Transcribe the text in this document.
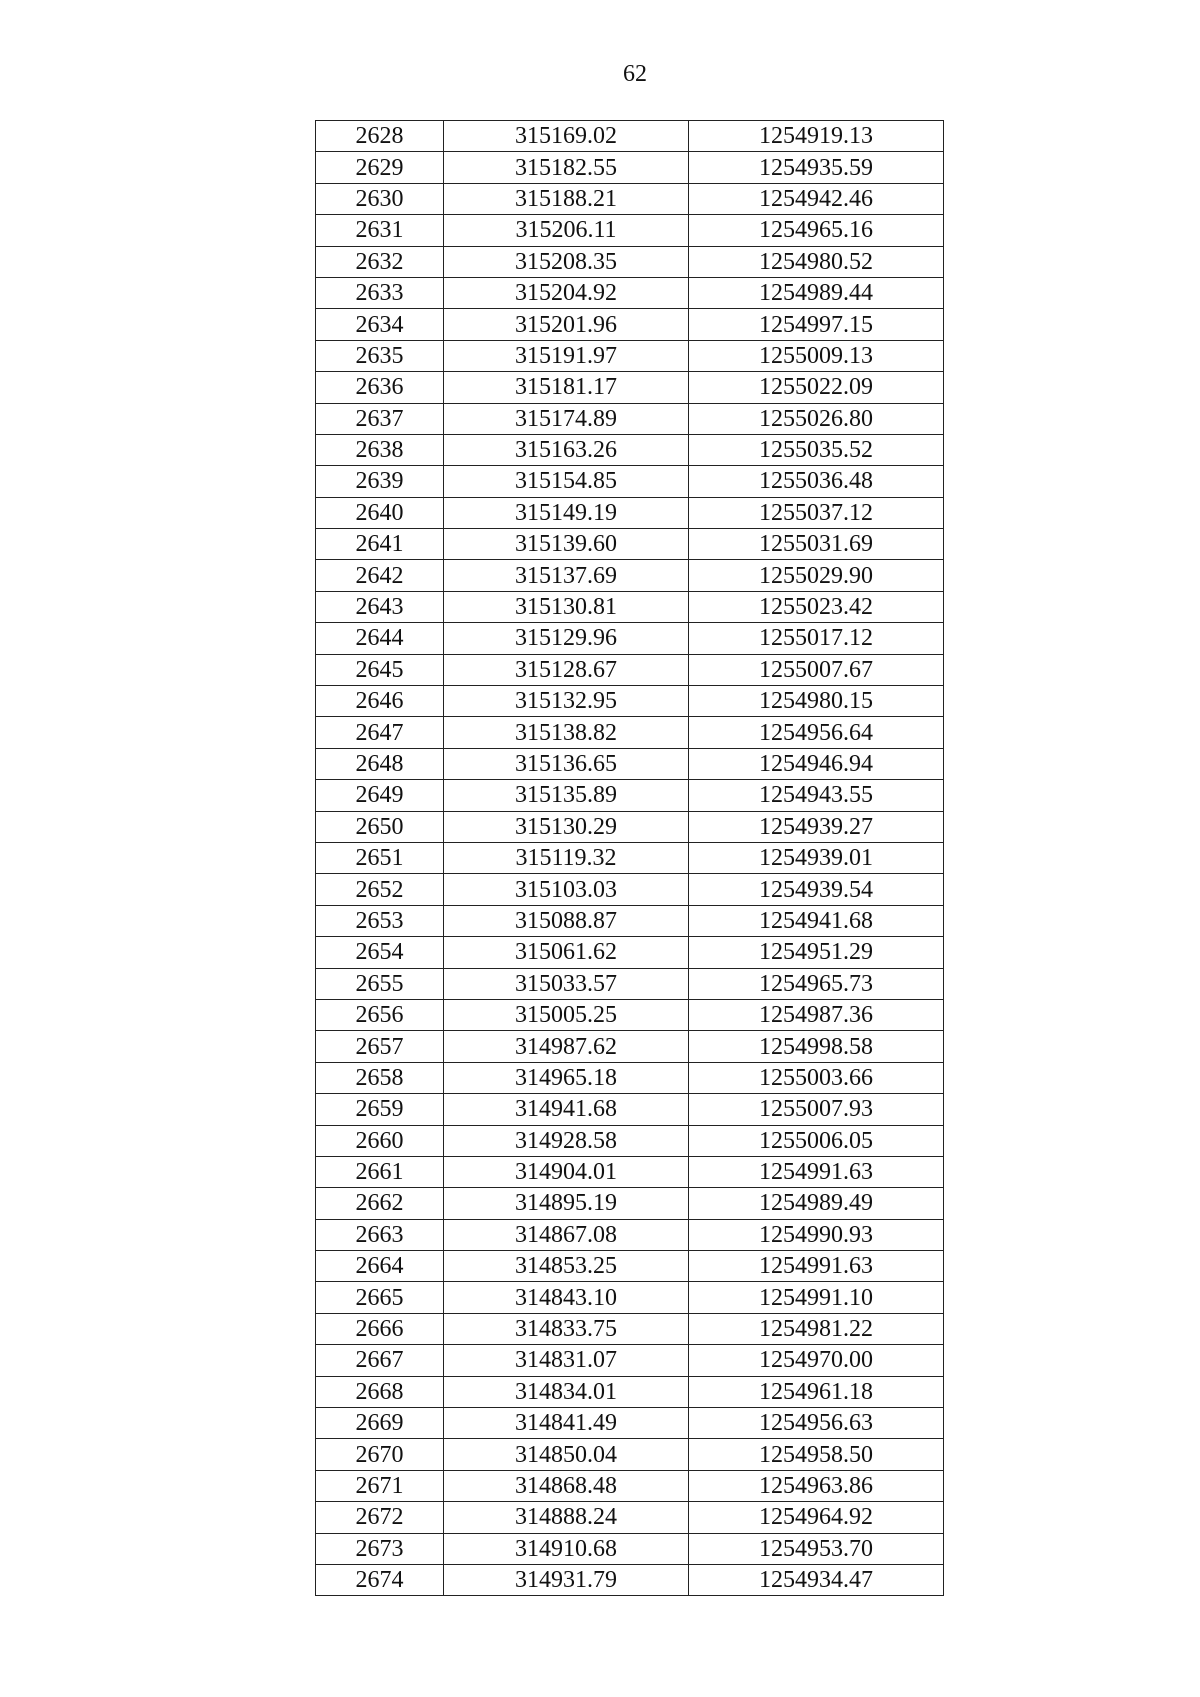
62
2628	315169.02	1254919.13
2629	315182.55	1254935.59
2630	315188.21	1254942.46
2631	315206.11	1254965.16
2632	315208.35	1254980.52
2633	315204.92	1254989.44
2634	315201.96	1254997.15
2635	315191.97	1255009.13
2636	315181.17	1255022.09
2637	315174.89	1255026.80
2638	315163.26	1255035.52
2639	315154.85	1255036.48
2640	315149.19	1255037.12
2641	315139.60	1255031.69
2642	315137.69	1255029.90
2643	315130.81	1255023.42
2644	315129.96	1255017.12
2645	315128.67	1255007.67
2646	315132.95	1254980.15
2647	315138.82	1254956.64
2648	315136.65	1254946.94
2649	315135.89	1254943.55
2650	315130.29	1254939.27
2651	315119.32	1254939.01
2652	315103.03	1254939.54
2653	315088.87	1254941.68
2654	315061.62	1254951.29
2655	315033.57	1254965.73
2656	315005.25	1254987.36
2657	314987.62	1254998.58
2658	314965.18	1255003.66
2659	314941.68	1255007.93
2660	314928.58	1255006.05
2661	314904.01	1254991.63
2662	314895.19	1254989.49
2663	314867.08	1254990.93
2664	314853.25	1254991.63
2665	314843.10	1254991.10
2666	314833.75	1254981.22
2667	314831.07	1254970.00
2668	314834.01	1254961.18
2669	314841.49	1254956.63
2670	314850.04	1254958.50
2671	314868.48	1254963.86
2672	314888.24	1254964.92
2673	314910.68	1254953.70
2674	314931.79	1254934.47
